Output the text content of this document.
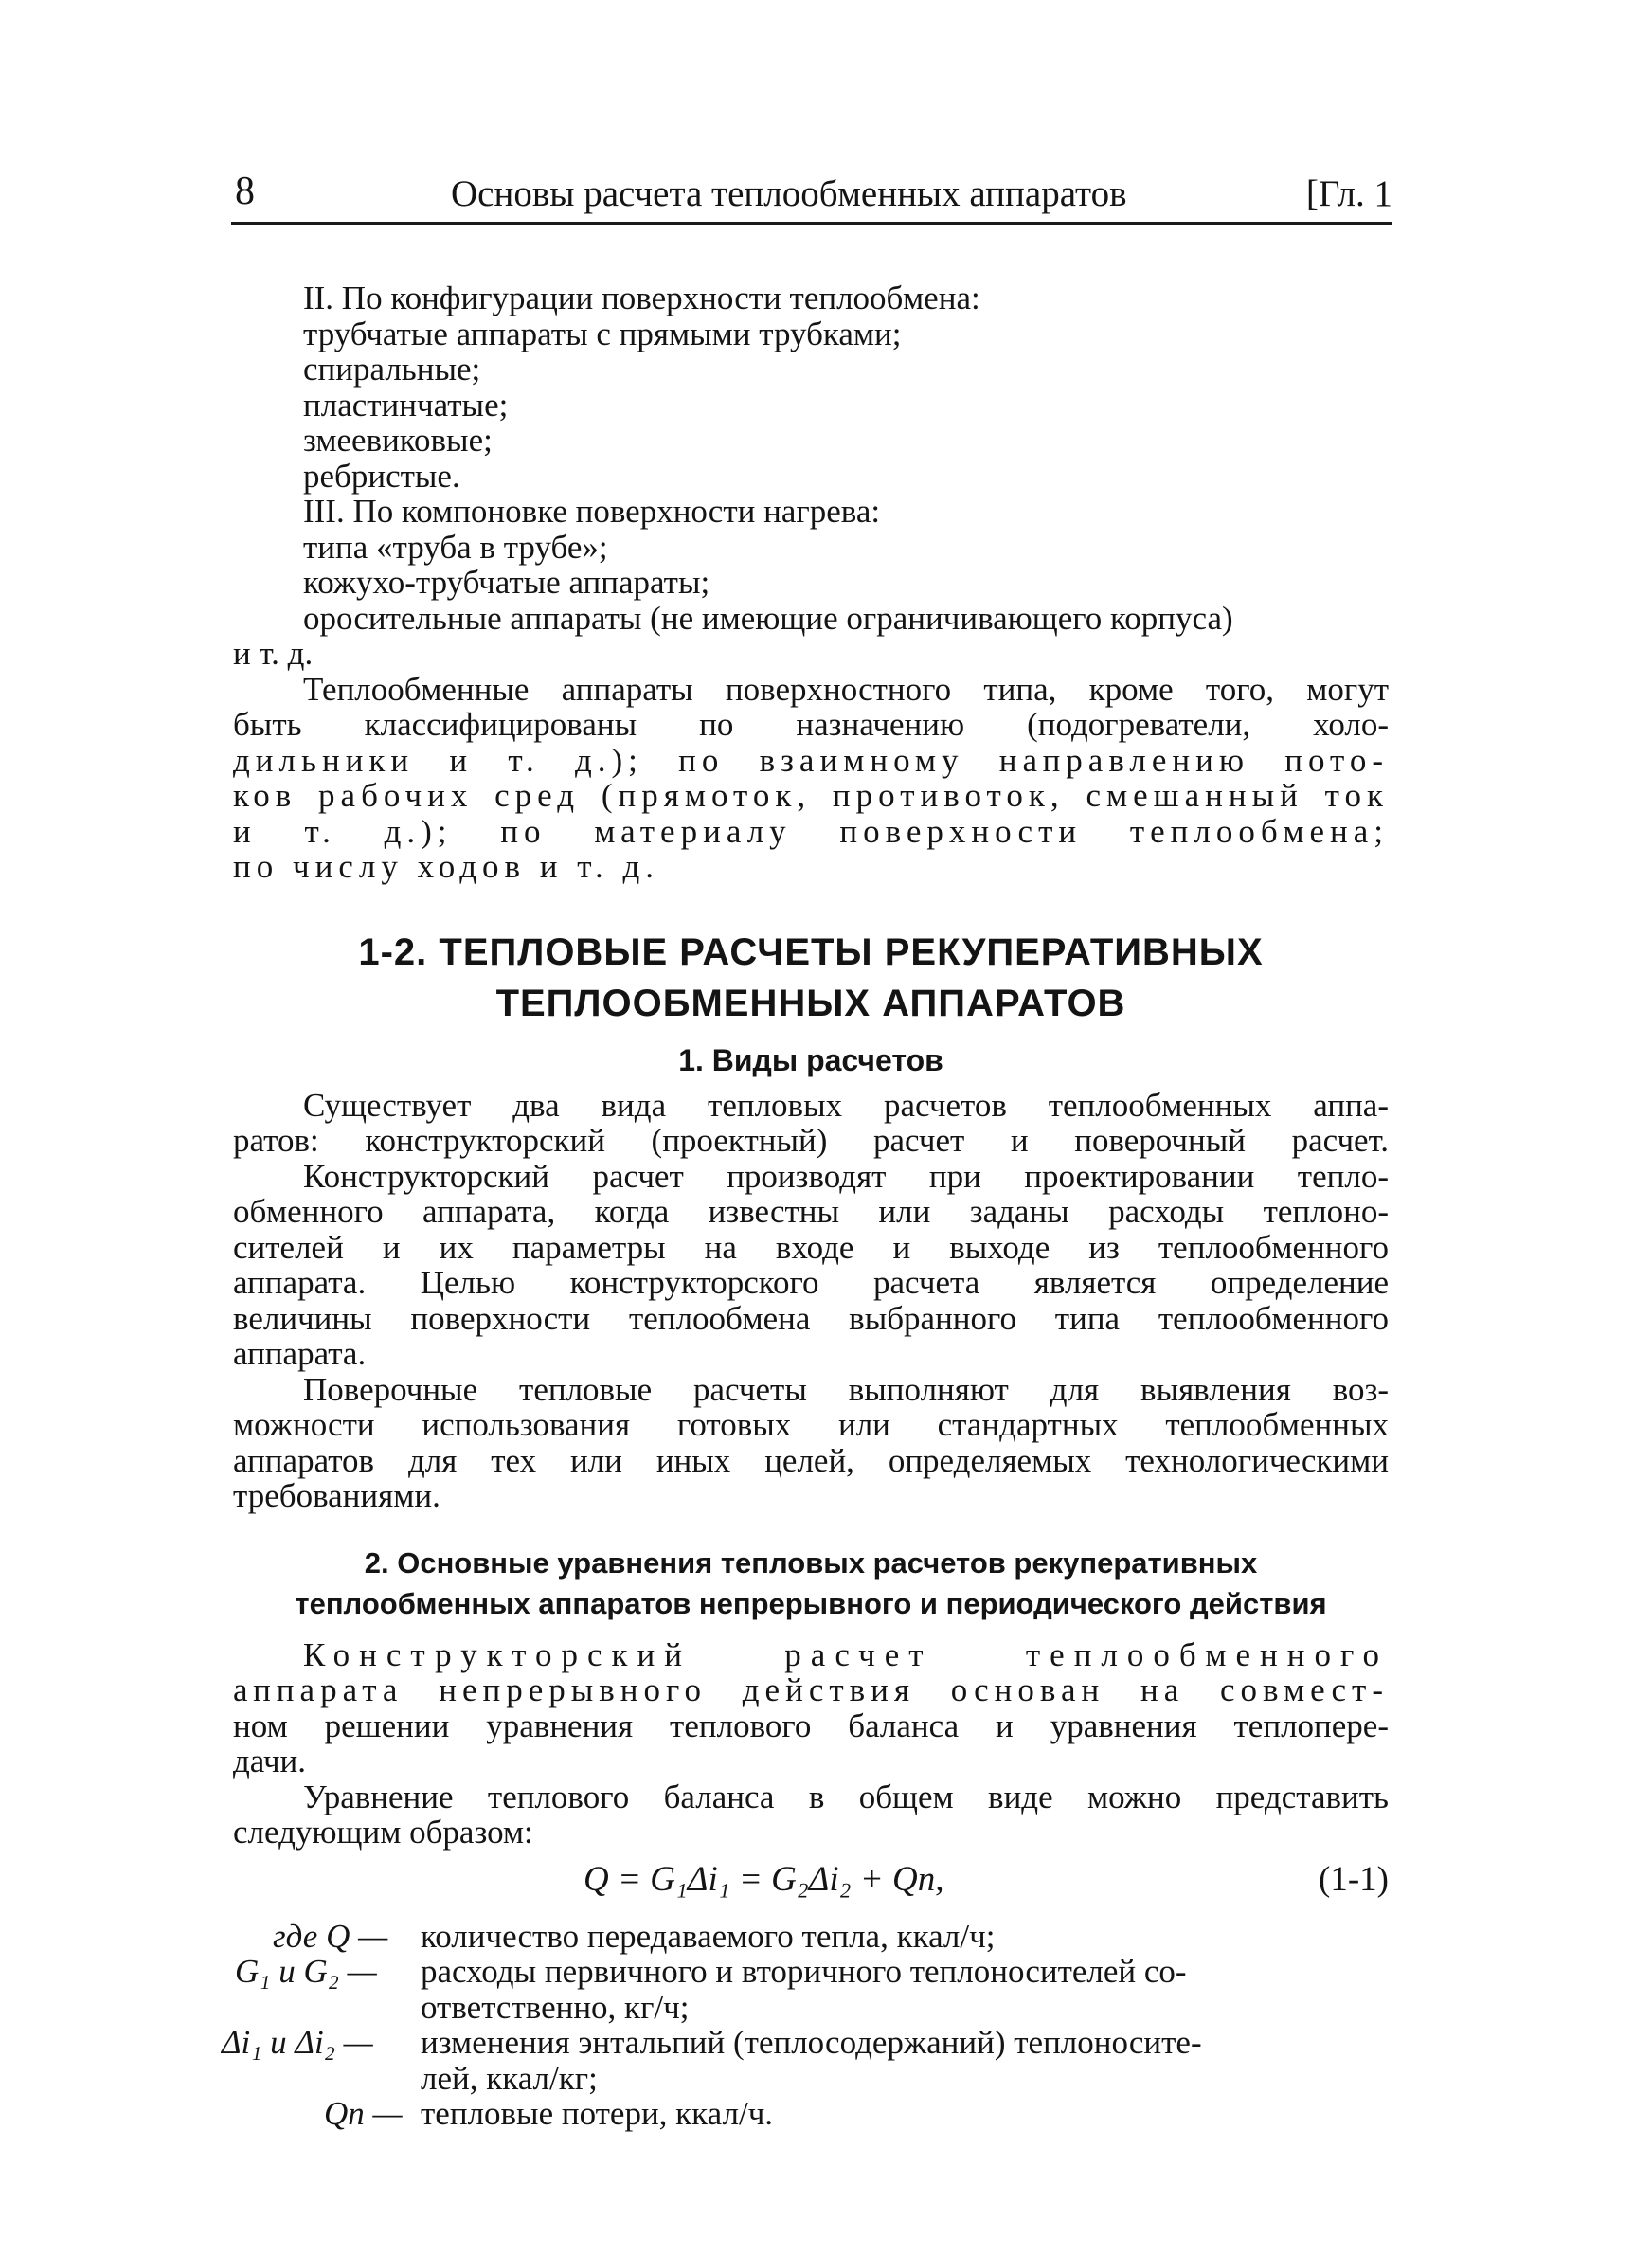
8	Основы расчета теплообменных аппаратов	[Гл. 1
II. По конфигурации поверхности теплообмена:
трубчатые аппараты с прямыми трубками;
спиральные;
пластинчатые;
змеевиковые;
ребристые.
III. По компоновке поверхности нагрева:
типа «труба в трубе»;
кожухо-трубчатые аппараты;
оросительные аппараты (не имеющие ограничивающего корпуса)
и т. д.
Теплообменные аппараты поверхностного типа, кроме того, могут
быть классифицированы по назначению (подогреватели, холо-
дильники и т. д.); по взаимному направлению пото-
ков рабочих сред (прямоток, противоток, смешанный ток
и т. д.); по материалу поверхности теплообмена;
по числу ходов и т. д.
1-2. ТЕПЛОВЫЕ РАСЧЕТЫ РЕКУПЕРАТИВНЫХ
ТЕПЛООБМЕННЫХ АППАРАТОВ
1. Виды расчетов
Существует два вида тепловых расчетов теплообменных аппа-
ратов: конструкторский (проектный) расчет и поверочный расчет.
Конструкторский расчет производят при проектировании тепло-
обменного аппарата, когда известны или заданы расходы теплоно-
сителей и их параметры на входе и выходе из теплообменного
аппарата. Целью конструкторского расчета является определение
величины поверхности теплообмена выбранного типа теплообменного
аппарата.
Поверочные тепловые расчеты выполняют для выявления воз-
можности использования готовых или стандартных теплообменных
аппаратов для тех или иных целей, определяемых технологическими
требованиями.
2. Основные уравнения тепловых расчетов рекуперативных
теплообменных аппаратов непрерывного и периодического действия
Конструкторский расчет теплообменного
аппарата непрерывного действия основан на совмест-
ном решении уравнения теплового баланса и уравнения теплопере-
дачи.
Уравнение теплового баланса в общем виде можно представить
следующим образом:
Q = G₁Δi₁ = G₂Δi₂ + Qп,	(1-1)
где Q — количество передаваемого тепла, ккал/ч;
G₁ и G₂ —	расходы первичного и вторичного теплоносителей со-
ответственно, кг/ч;
Δi₁ и Δi₂ —	изменения энтальпий (теплосодержаний) теплоносите-
лей, ккал/кг;
Qп — тепловые потери, ккал/ч.
